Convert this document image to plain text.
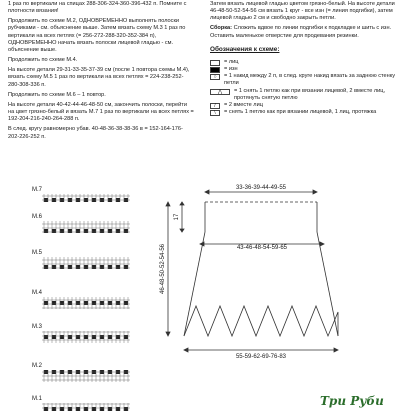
1 раз по вертикали на спицах 288-306-324-360-396-432 п. Помните с плотности вязания!

Продолжить по схеме М.2, ОДНОВРЕМЕННО выполнять полоски рубчиками - см. объяснение выше. Затем вязать схему М.3 1 раз по вертикали на всех петлях (= 256-272-288-320-352-384 п), ОДНОВРЕМЕННО начать вязать полоски лицевой гладью - см. объяснение выше.

Продолжить по схеме М.4.

На высоте детали 29-31-33-35-37-39 см (после 1 повтора схемы М.4), вязать схему М.5 1 раз по вертикали на всех петлях = 224-238-252-280-308-336 п.

Продолжить по схеме М.6 – 1 повтор.

На высоте детали 40-42-44-46-48-50 см, закончить полоски, перейти на цвет грязно-белый и вязать М.7 1 раз по вертикали на всех петлях = 192-204-216-240-264-288 п.

В след. кругу равномерно убав. 40-48-36-38-38-36 в = 152-164-176-202-226-252 п.

Затем вязать лицевой гладью цветом грязно-белый. На высоте детали 46-48-50-52-54-56 см вязать 1 круг - все изн (= линия подгибки), затем лицевой гладью 2 см и свободно закрыть петли.

Сборка: Сложить вдвое по линии подгибки к подкладке и шить с изн. Оставить маленькое отверстие для продевания резинки.

Обозначения к схеме:
= лиц
= изн
○	= 1 накид между 2 п, в след. круге накид вязать за заднюю стенку петли
⋀	= 1 снять 1 петлю как при вязании лицевой, 2 вместе лиц, протянуть снятую петлю
/	= 2 вместе лиц
\	= снять 1 петлю как при вязании лицевой, 1 лиц, протяжка
М.7
М.6
М.5
М.4
М.3
М.2
М.1
33-36-39-44-49-55
43-46-48-54-59-65
55-59-62-69-76-83
46-48-50-52-54-56
17
Три Руби
